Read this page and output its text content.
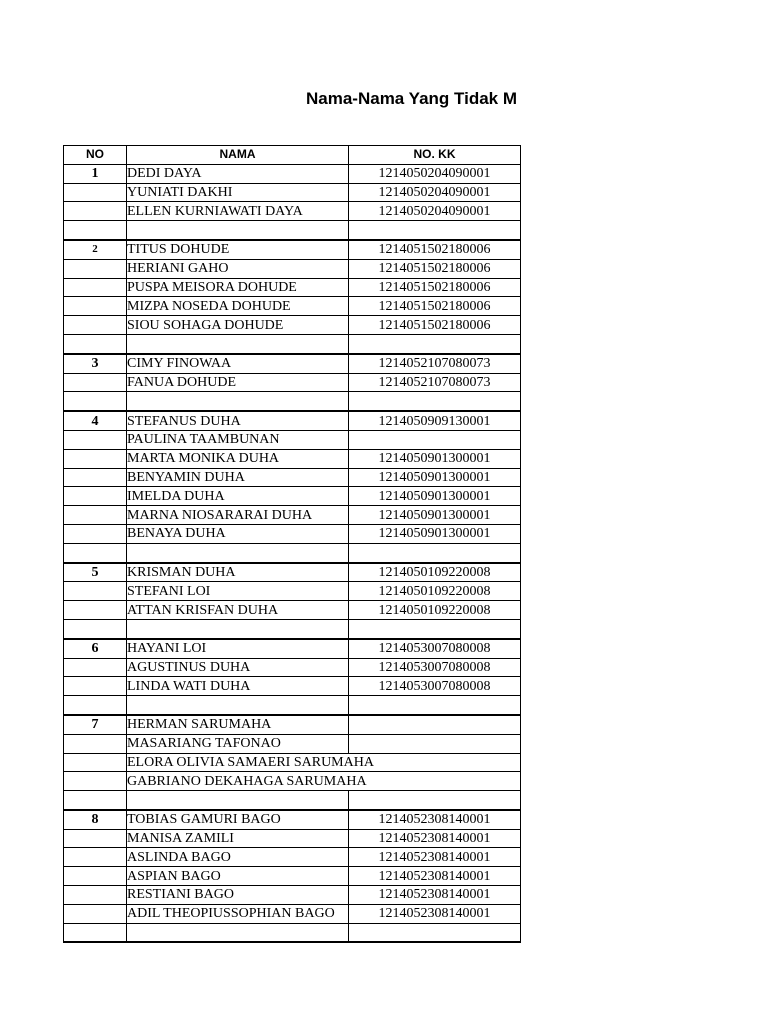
Nama-Nama Yang Tidak M
NO	NAMA	NO. KK
1	DEDI DAYA	1214050204090001
	YUNIATI DAKHI	1214050204090001
	ELLEN KURNIAWATI DAYA	1214050204090001

2	TITUS DOHUDE	1214051502180006
	HERIANI GAHO	1214051502180006
	PUSPA MEISORA DOHUDE	1214051502180006
	MIZPA NOSEDA DOHUDE	1214051502180006
	SIOU SOHAGA DOHUDE	1214051502180006

3	CIMY FINOWAA	1214052107080073
	FANUA DOHUDE	1214052107080073

4	STEFANUS DUHA	1214050909130001
	PAULINA TAAMBUNAN	
	MARTA MONIKA DUHA	1214050901300001
	BENYAMIN DUHA	1214050901300001
	IMELDA DUHA	1214050901300001
	MARNA NIOSARARAI DUHA	1214050901300001
	BENAYA DUHA	1214050901300001

5	KRISMAN DUHA	1214050109220008
	STEFANI LOI	1214050109220008
	ATTAN KRISFAN DUHA	1214050109220008

6	HAYANI LOI	1214053007080008
	AGUSTINUS DUHA	1214053007080008
	LINDA WATI DUHA	1214053007080008

7	HERMAN SARUMAHA	
	MASARIANG TAFONAO	
	ELORA OLIVIA SAMAERI SARUMAHA	
	GABRIANO DEKAHAGA SARUMAHA	

8	TOBIAS GAMURI BAGO	1214052308140001
	MANISA ZAMILI	1214052308140001
	ASLINDA BAGO	1214052308140001
	ASPIAN BAGO	1214052308140001
	RESTIANI BAGO	1214052308140001
	ADIL THEOPIUSSOPHIAN BAGO	1214052308140001
